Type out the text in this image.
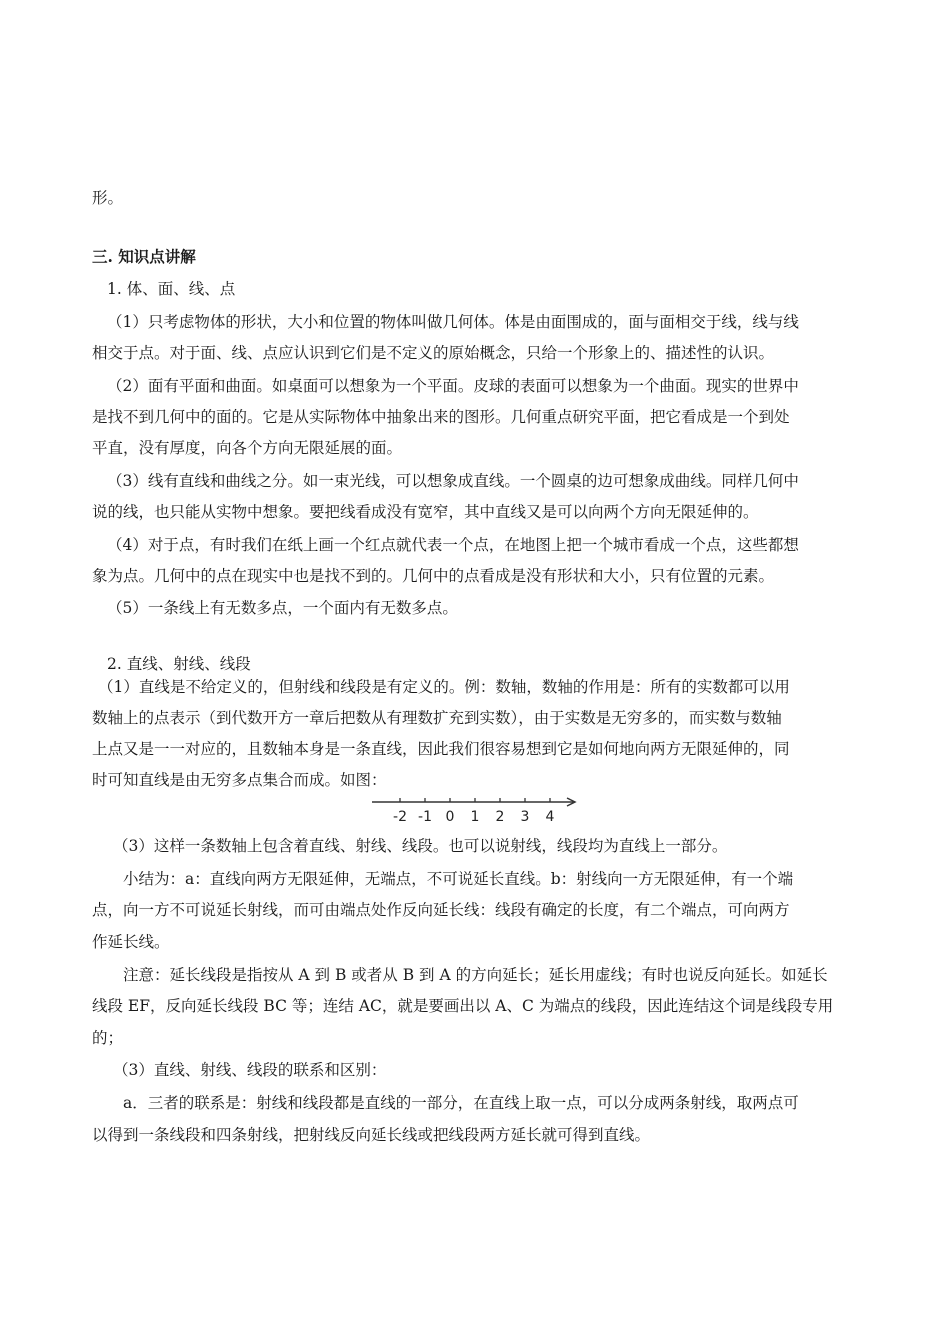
形。
三. 知识点讲解
1. 体、面、线、点
（1）只考虑物体的形状，大小和位置的物体叫做几何体。体是由面围成的，面与面相交于线，线与线
相交于点。对于面、线、点应认识到它们是不定义的原始概念，只给一个形象上的、描述性的认识。
（2）面有平面和曲面。如桌面可以想象为一个平面。皮球的表面可以想象为一个曲面。现实的世界中
是找不到几何中的面的。它是从实际物体中抽象出来的图形。几何重点研究平面，把它看成是一个到处
平直，没有厚度，向各个方向无限延展的面。
（3）线有直线和曲线之分。如一束光线，可以想象成直线。一个圆桌的边可想象成曲线。同样几何中
说的线，也只能从实物中想象。要把线看成没有宽窄，其中直线又是可以向两个方向无限延伸的。
（4）对于点，有时我们在纸上画一个红点就代表一个点，在地图上把一个城市看成一个点，这些都想
象为点。几何中的点在现实中也是找不到的。几何中的点看成是没有形状和大小，只有位置的元素。
（5）一条线上有无数多点，一个面内有无数多点。
2. 直线、射线、线段
（1）直线是不给定义的，但射线和线段是有定义的。例：数轴，数轴的作用是：所有的实数都可以用
数轴上的点表示（到代数开方一章后把数从有理数扩充到实数），由于实数是无穷多的，而实数与数轴
上点又是一一对应的，且数轴本身是一条直线，因此我们很容易想到它是如何地向两方无限延伸的，同
时可知直线是由无穷多点集合而成。如图：
-2 -1 0 1 2 3 4
（3）这样一条数轴上包含着直线、射线、线段。也可以说射线，线段均为直线上一部分。
小结为：a：直线向两方无限延伸，无端点，不可说延长直线。b：射线向一方无限延伸，有一个端
点，向一方不可说延长射线，而可由端点处作反向延长线：线段有确定的长度，有二个端点，可向两方
作延长线。
注意：延长线段是指按从 A 到 B 或者从 B 到 A 的方向延长；延长用虚线；有时也说反向延长。如延长
线段 EF，反向延长线段 BC 等；连结 AC，就是要画出以 A、C 为端点的线段，因此连结这个词是线段专用
的；
（3）直线、射线、线段的联系和区别：
a．三者的联系是：射线和线段都是直线的一部分，在直线上取一点，可以分成两条射线，取两点可
以得到一条线段和四条射线，把射线反向延长线或把线段两方延长就可得到直线。
